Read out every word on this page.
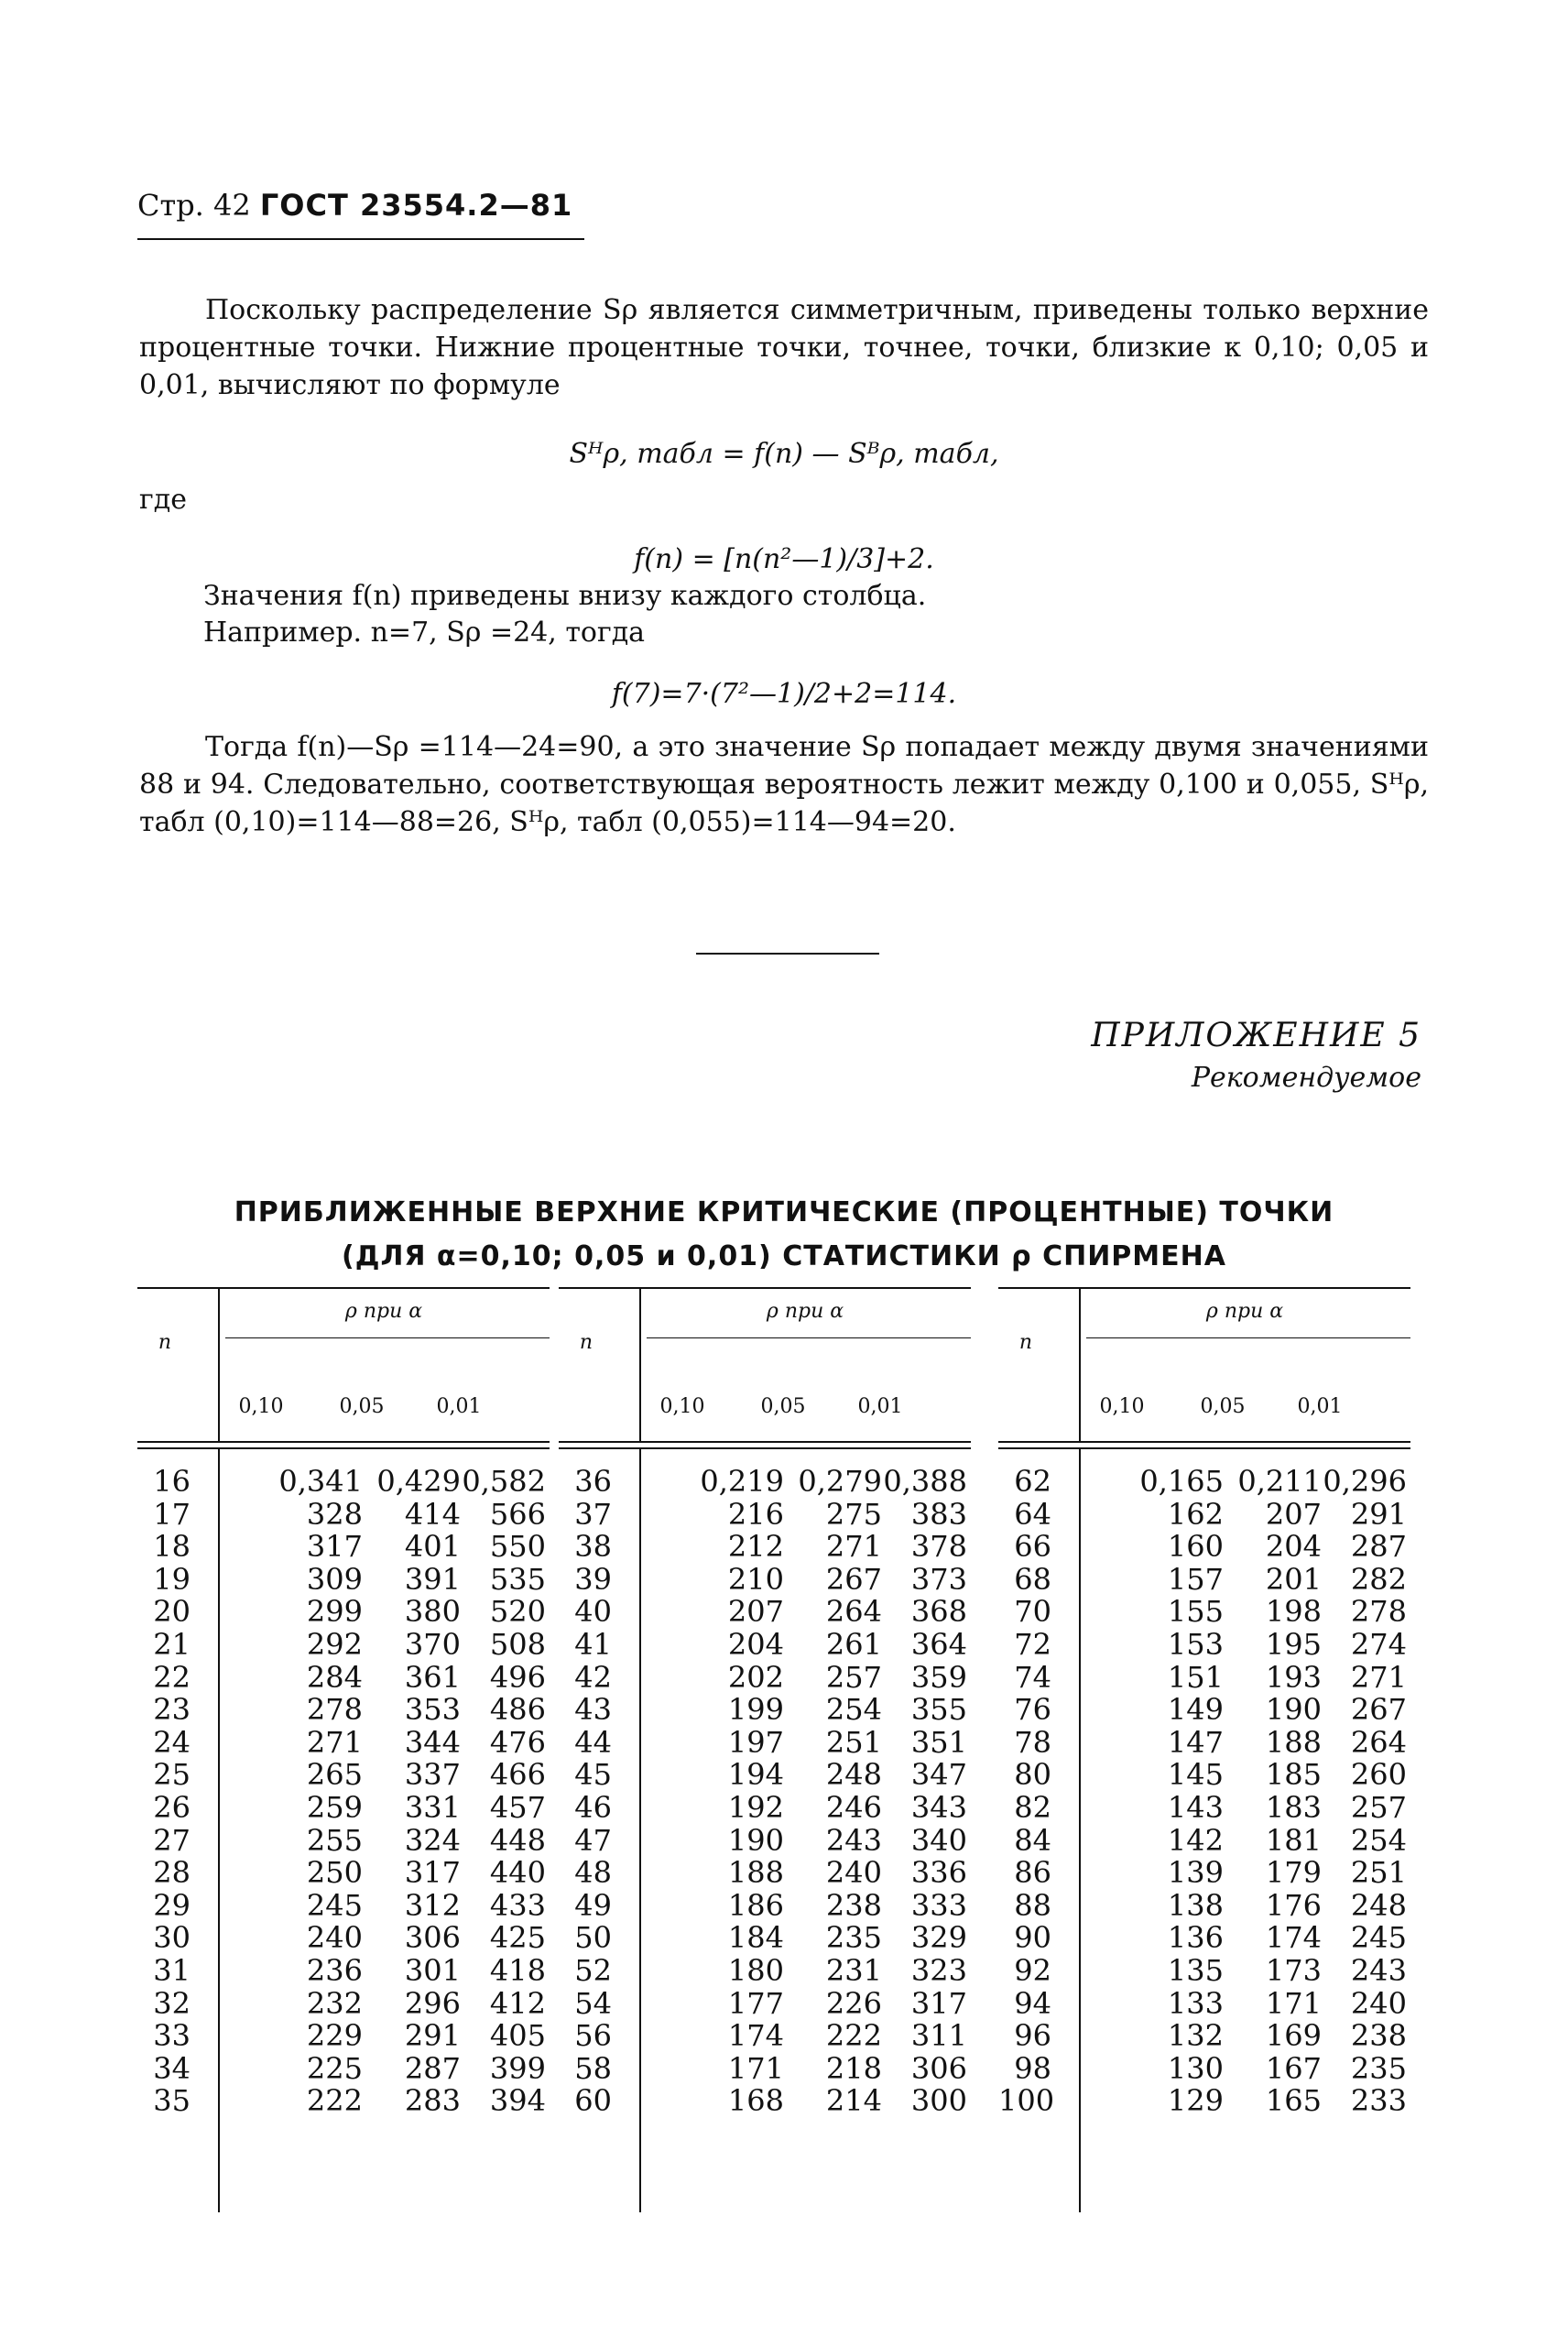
Стр. 42 ГОСТ 23554.2—81

Поскольку распределение Sρ является симметричным, приведены только верхние процентные точки. Нижние процентные точки, точнее, точки, близкие к 0,10; 0,05 и 0,01, вычисляют по формуле

Sᴴρ, табл = f(n) — Sᴮρ, табл,
где
f(n) = [n(n²—1)/3]+2.
Значения f(n) приведены внизу каждого столбца.
Например. n=7, Sρ =24, тогда
f(7)=7·(7²—1)/2+2=114.

Тогда f(n)—Sρ =114—24=90, а это значение Sρ попадает между двумя значениями 88 и 94. Следовательно, соответствующая вероятность лежит между 0,100 и 0,055, Sᴴρ, табл (0,10)=114—88=26, Sᴴρ, табл (0,055)=114—94=20.

ПРИЛОЖЕНИЕ 5
Рекомендуемое
ПРИБЛИЖЕННЫЕ ВЕРХНИЕ КРИТИЧЕСКИЕ (ПРОЦЕНТНЫЕ) ТОЧКИ
(ДЛЯ α=0,10; 0,05 и 0,01) СТАТИСТИКИ ρ СПИРМЕНА
n
ρ при α
0,10	0,05	0,01
16	0,341 0,429 0,582
17	328	414 566
18	317	401 550
19	309	391 535
20	299	380 520
21	292	370 508
22	284	361 496
23	278	353 486
24	271	344 476
25	265	337 466
26	259	331 457
27	255	324 448
28	250	317 440
29	245	312 433
30	240	306 425
31	236	301 418
32	232	296 412
33	229	291 405
34	225	287 399
35	222	283 394
n
ρ при α
0,10	0,05	0,01
36	0,219 0,279 0,388
37	216	275 383
38	212	271 378
39	210	267 373
40	207	264 368
41	204	261 364
42	202	257 359
43	199	254 355
44	197	251 351
45	194	248 347
46	192	246 343
47	190	243 340
48	188	240 336
49	186	238 333
50	184	235 329
52	180	231 323
54	177	226 317
56	174	222 311
58	171	218 306
60	168	214 300
n
ρ при α
0,10	0,05	0,01
62	0,165 0,211 0,296
64	162	207 291
66	160	204 287
68	157	201 282
70	155	198 278
72	153	195 274
74	151	193 271
76	149	190 267
78	147	188 264
80	145	185 260
82	143	183 257
84	142	181 254
86	139	179 251
88	138	176 248
90	136	174 245
92	135	173 243
94	133	171 240
96	132	169 238
98	130	167 235
100	129	165 233
